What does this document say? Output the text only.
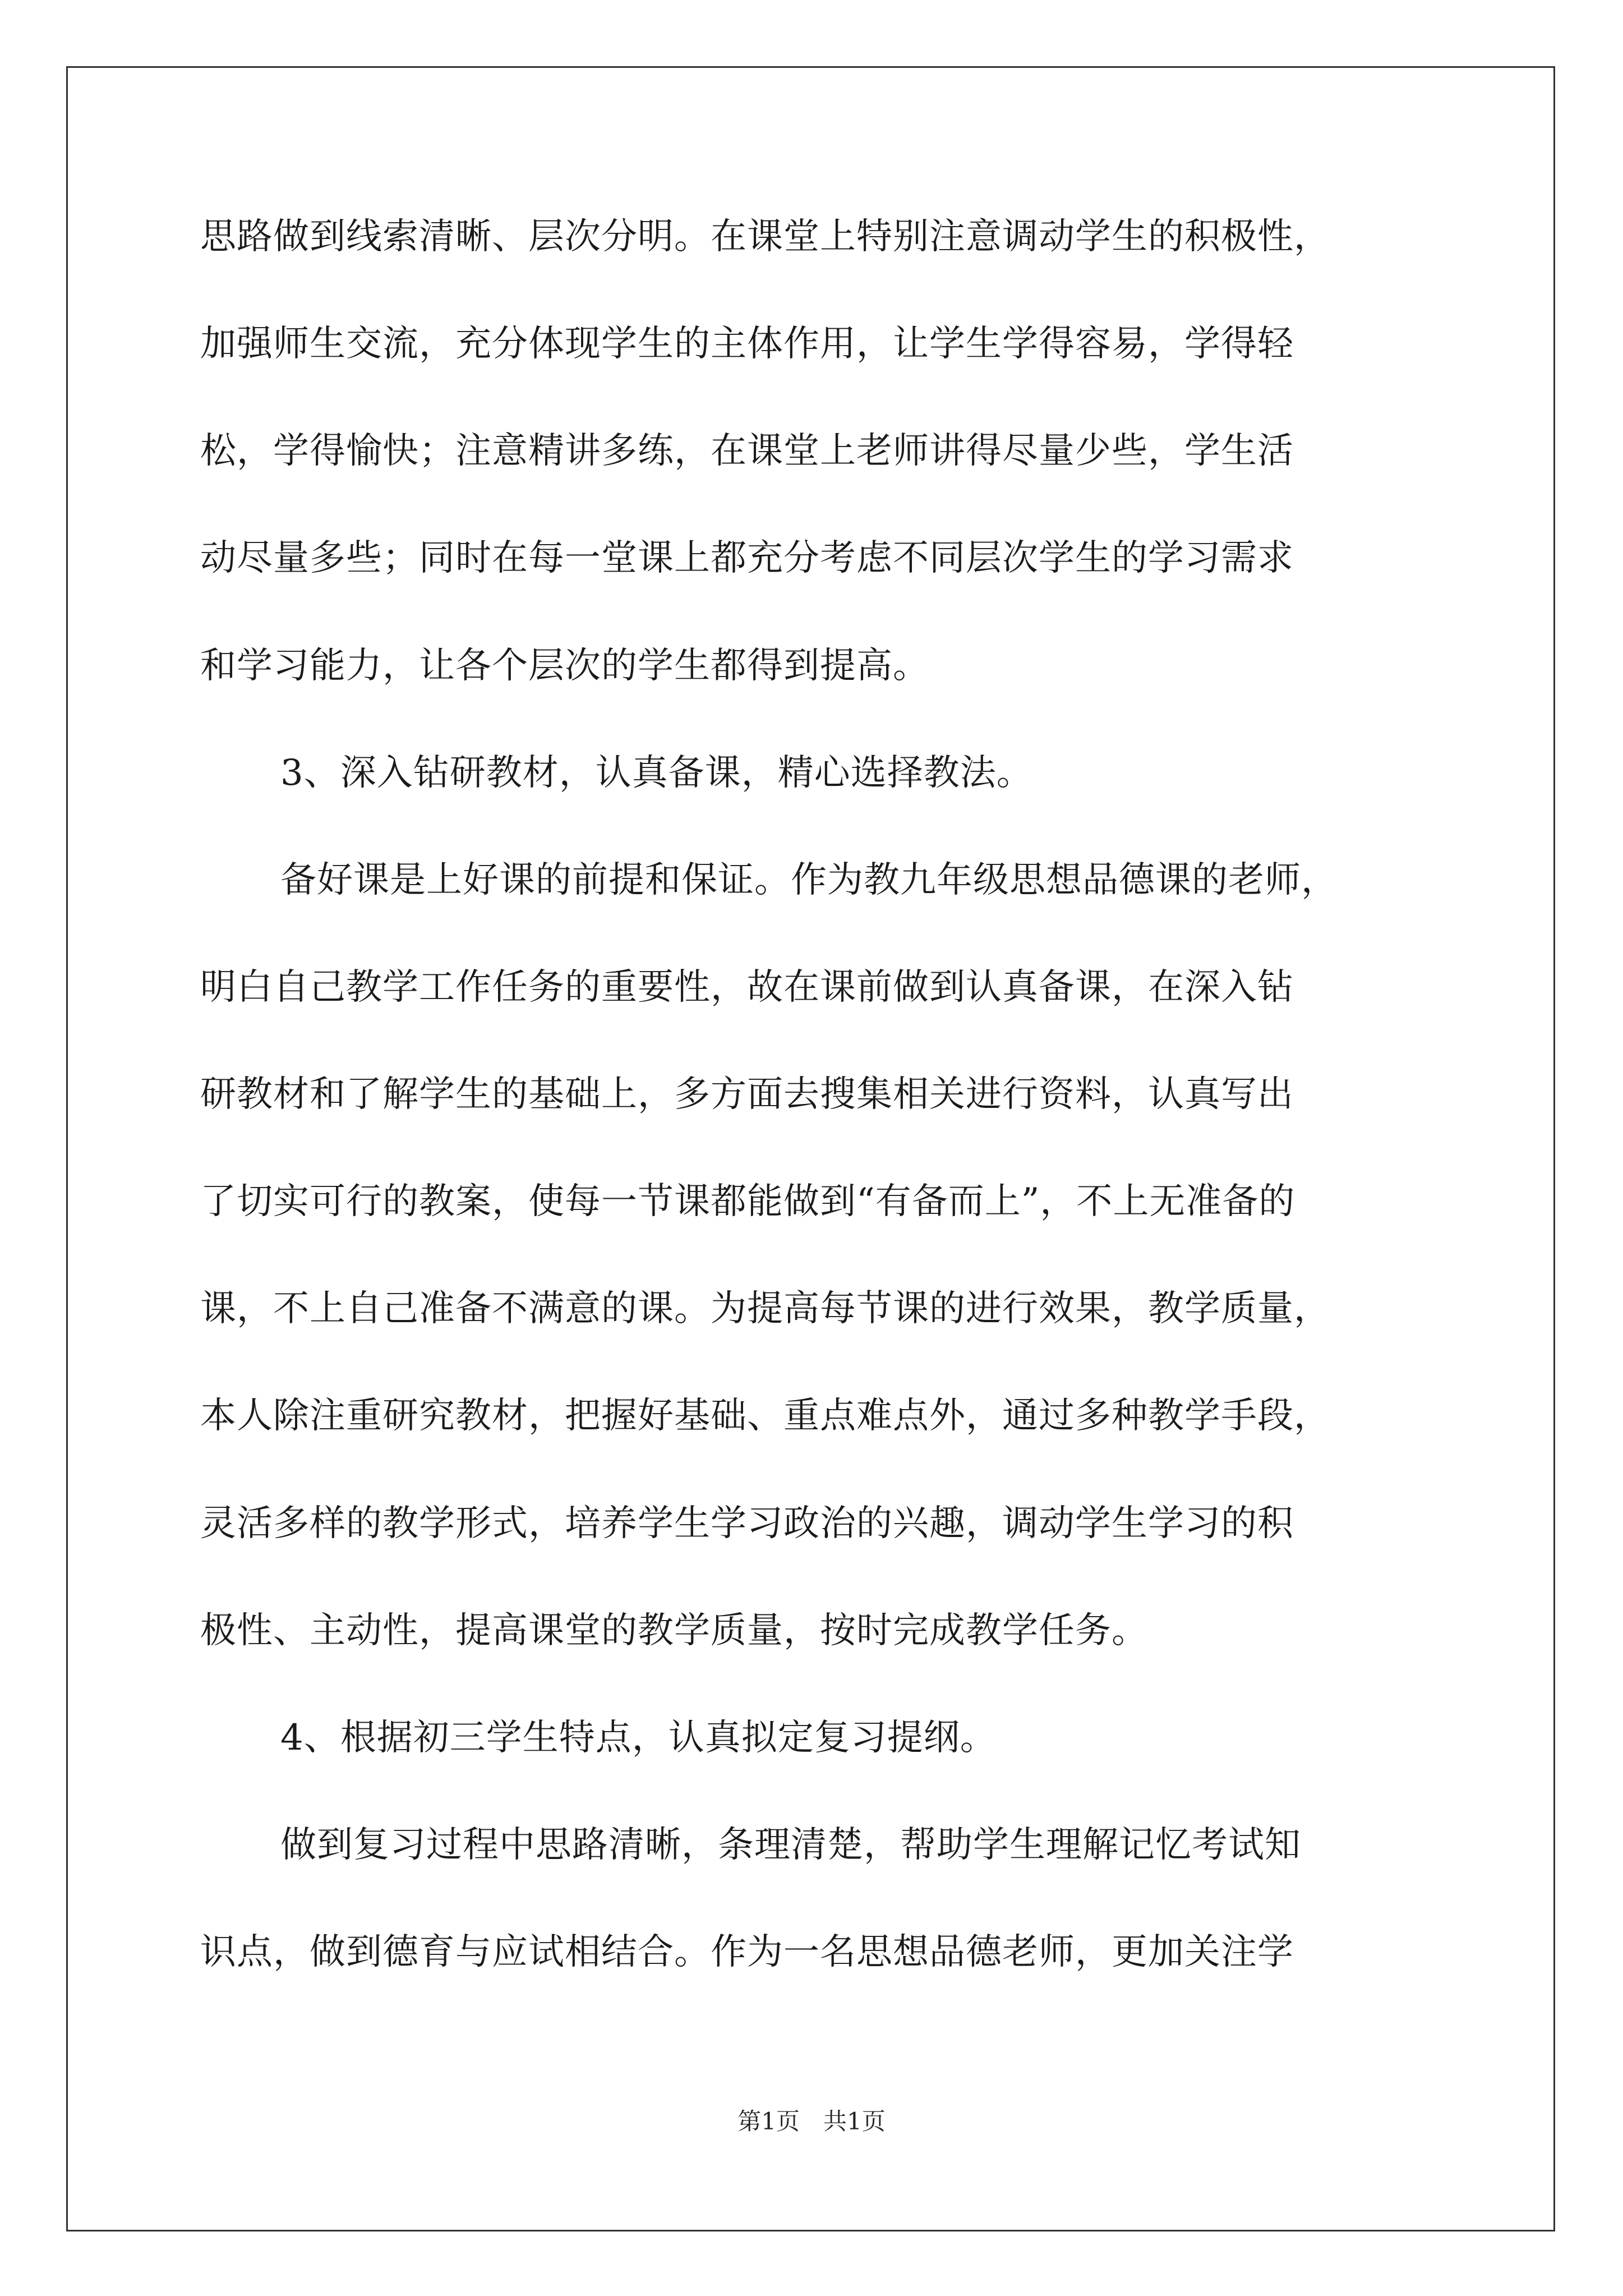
思路做到线索清晰、层次分明。在课堂上特别注意调动学生的积极性，
加强师生交流，充分体现学生的主体作用，让学生学得容易，学得轻
松，学得愉快；注意精讲多练，在课堂上老师讲得尽量少些，学生活
动尽量多些；同时在每一堂课上都充分考虑不同层次学生的学习需求
和学习能力，让各个层次的学生都得到提高。
3、深入钻研教材，认真备课，精心选择教法。
备好课是上好课的前提和保证。作为教九年级思想品德课的老师，
明白自己教学工作任务的重要性，故在课前做到认真备课，在深入钻
研教材和了解学生的基础上，多方面去搜集相关进行资料，认真写出
了切实可行的教案，使每一节课都能做到“有备而上”，不上无准备的
课，不上自己准备不满意的课。为提高每节课的进行效果，教学质量，
本人除注重研究教材，把握好基础、重点难点外，通过多种教学手段，
灵活多样的教学形式，培养学生学习政治的兴趣，调动学生学习的积
极性、主动性，提高课堂的教学质量，按时完成教学任务。
4、根据初三学生特点，认真拟定复习提纲。
做到复习过程中思路清晰，条理清楚，帮助学生理解记忆考试知
识点，做到德育与应试相结合。作为一名思想品德老师，更加关注学
第1页　共1页
